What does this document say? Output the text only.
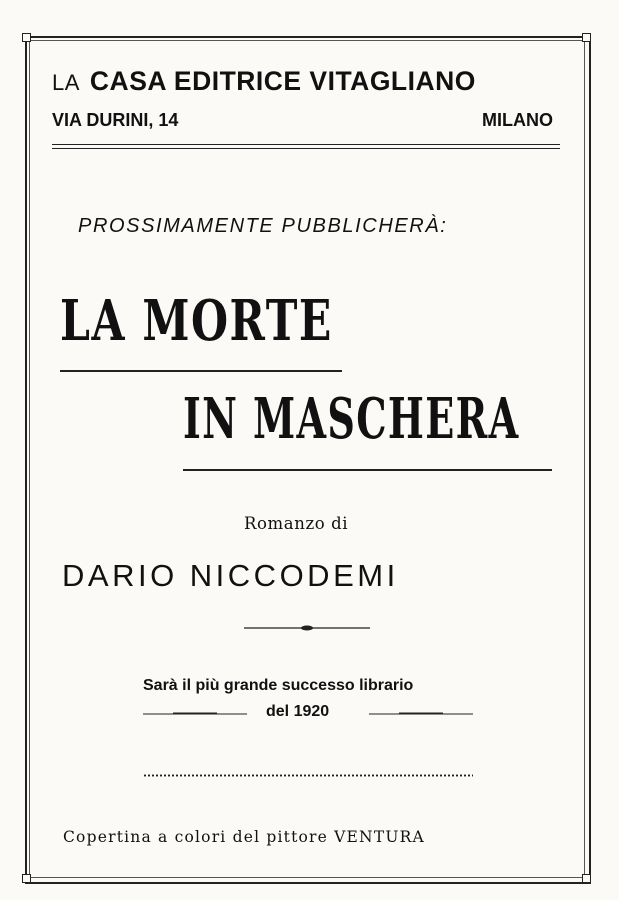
LA CASA EDITRICE VITAGLIANO
VIA DURINI, 14	MILANO
PROSSIMAMENTE PUBBLICHERÀ:
LA MORTE
IN MASCHERA
Romanzo di
DARIO NICCODEMI
Sarà il più grande successo librario
del 1920
Copertina a colori del pittore VENTURA
